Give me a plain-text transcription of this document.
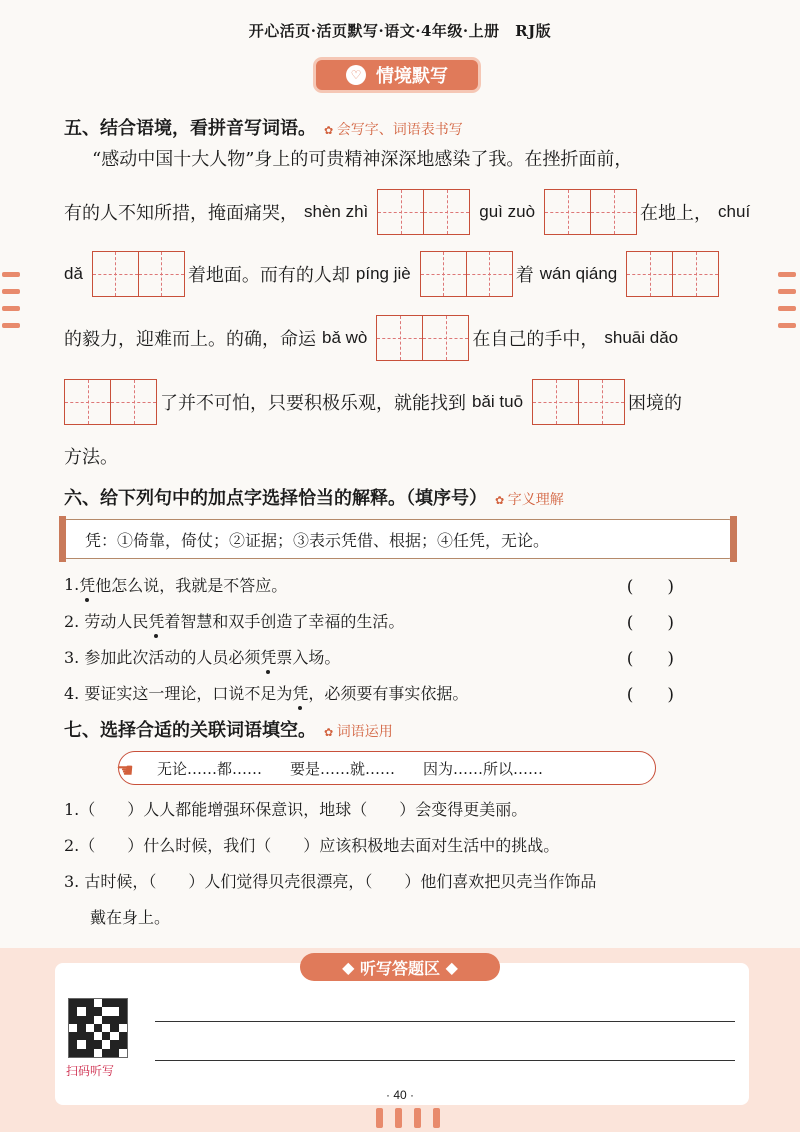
开心活页·活页默写·语文·4年级·上册　RJ版
♡ 情境默写
五、结合语境，看拼音写词语。 ✿ 会写字、词语表书写
“感动中国十大人物”身上的可贵精神深深地感染了我。在挫折面前，
有的人不知所措，掩面痛哭， shèn zhì	guì zuò	在地上， chuí
dǎ	着地面。而有的人却 píng jiè	着 wán qiáng
的毅力，迎难而上。的确，命运 bǎ wò	在自己的手中， shuāi dǎo
了并不可怕，只要积极乐观，就能找到 bǎi tuō	困境的
方法。
六、给下列句中的加点字选择恰当的解释。（填序号） ✿ 字义理解
凭：①倚靠，倚仗；②证据；③表示凭借、根据；④任凭，无论。
1. 凭 他怎么说，我就是不答应。	(　　)
2. 劳动人民 凭 着智慧和双手创造了幸福的生活。	(　　)
3. 参加此次活动的人员必须 凭 票入场。	(　　)
4. 要证实这一理论，口说不足为 凭 ，必须要有事实依据。	(　　)
七、选择合适的关联词语填空。 ✿ 词语运用
无论……都…… 要是……就…… 因为……所以……
☚
1.（　　）人人都能增强环保意识，地球（　　）会变得更美丽。
2.（　　）什么时候，我们（　　）应该积极地去面对生活中的挑战。
3. 古时候，（　　）人们觉得贝壳很漂亮，（　　）他们喜欢把贝壳当作饰品
戴在身上。
◆ 听写答题区 ◆
扫码听写
· 40 ·
